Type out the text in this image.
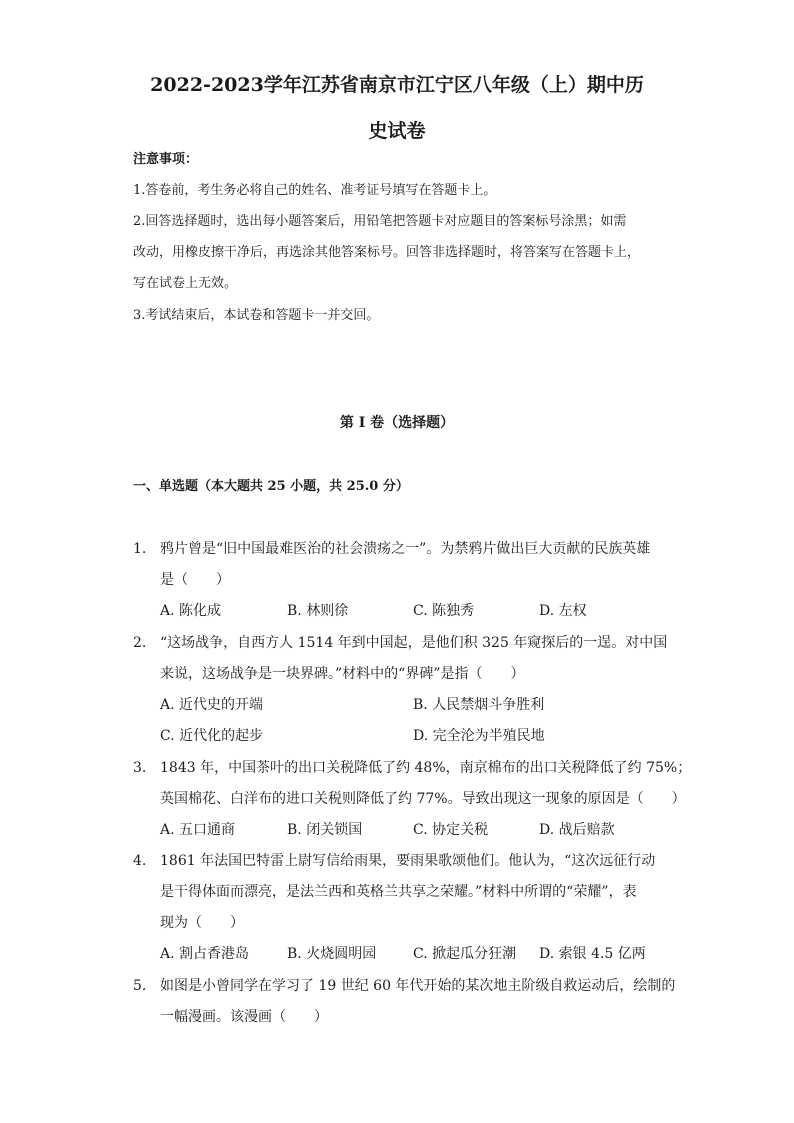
2022-2023学年江苏省南京市江宁区八年级（上）期中历
史试卷
注意事项：
1.答卷前，考生务必将自己的姓名、准考证号填写在答题卡上。
2.回答选择题时，选出每小题答案后，用铅笔把答题卡对应题目的答案标号涂黑；如需
改动，用橡皮擦干净后，再选涂其他答案标号。回答非选择题时，将答案写在答题卡上，
写在试卷上无效。
3.考试结束后，本试卷和答题卡一并交回。
第 I 卷（选择题）
一、单选题（本大题共 25 小题，共 25.0 分）
1. 鸦片曾是“旧中国最难医治的社会溃疡之一”。为禁鸦片做出巨大贡献的民族英雄
是（　　）
A. 陈化成	B. 林则徐	C. 陈独秀	D. 左权
2. “这场战争，自西方人 1514 年到中国起，是他们积 325 年窥探后的一逞。对中国
来说，这场战争是一块界碑。”材料中的“界碑”是指（　　）
A. 近代史的开端	B. 人民禁烟斗争胜利
C. 近代化的起步	D. 完全沦为半殖民地
3. 1843 年，中国茶叶的出口关税降低了约 48%，南京棉布的出口关税降低了约 75%；
英国棉花、白洋布的进口关税则降低了约 77%。导致出现这一现象的原因是（　　）
A. 五口通商	B. 闭关锁国	C. 协定关税	D. 战后赔款
4. 1861 年法国巴特雷上尉写信给雨果，要雨果歌颂他们。他认为，“这次远征行动
是干得体面而漂亮，是法兰西和英格兰共享之荣耀。”材料中所谓的“荣耀”，表
现为（　　）
A. 割占香港岛	B. 火烧圆明园	C. 掀起瓜分狂潮 D. 索银 4.5 亿两
5. 如图是小曾同学在学习了 19 世纪 60 年代开始的某次地主阶级自救运动后，绘制的
一幅漫画。该漫画（　　）
